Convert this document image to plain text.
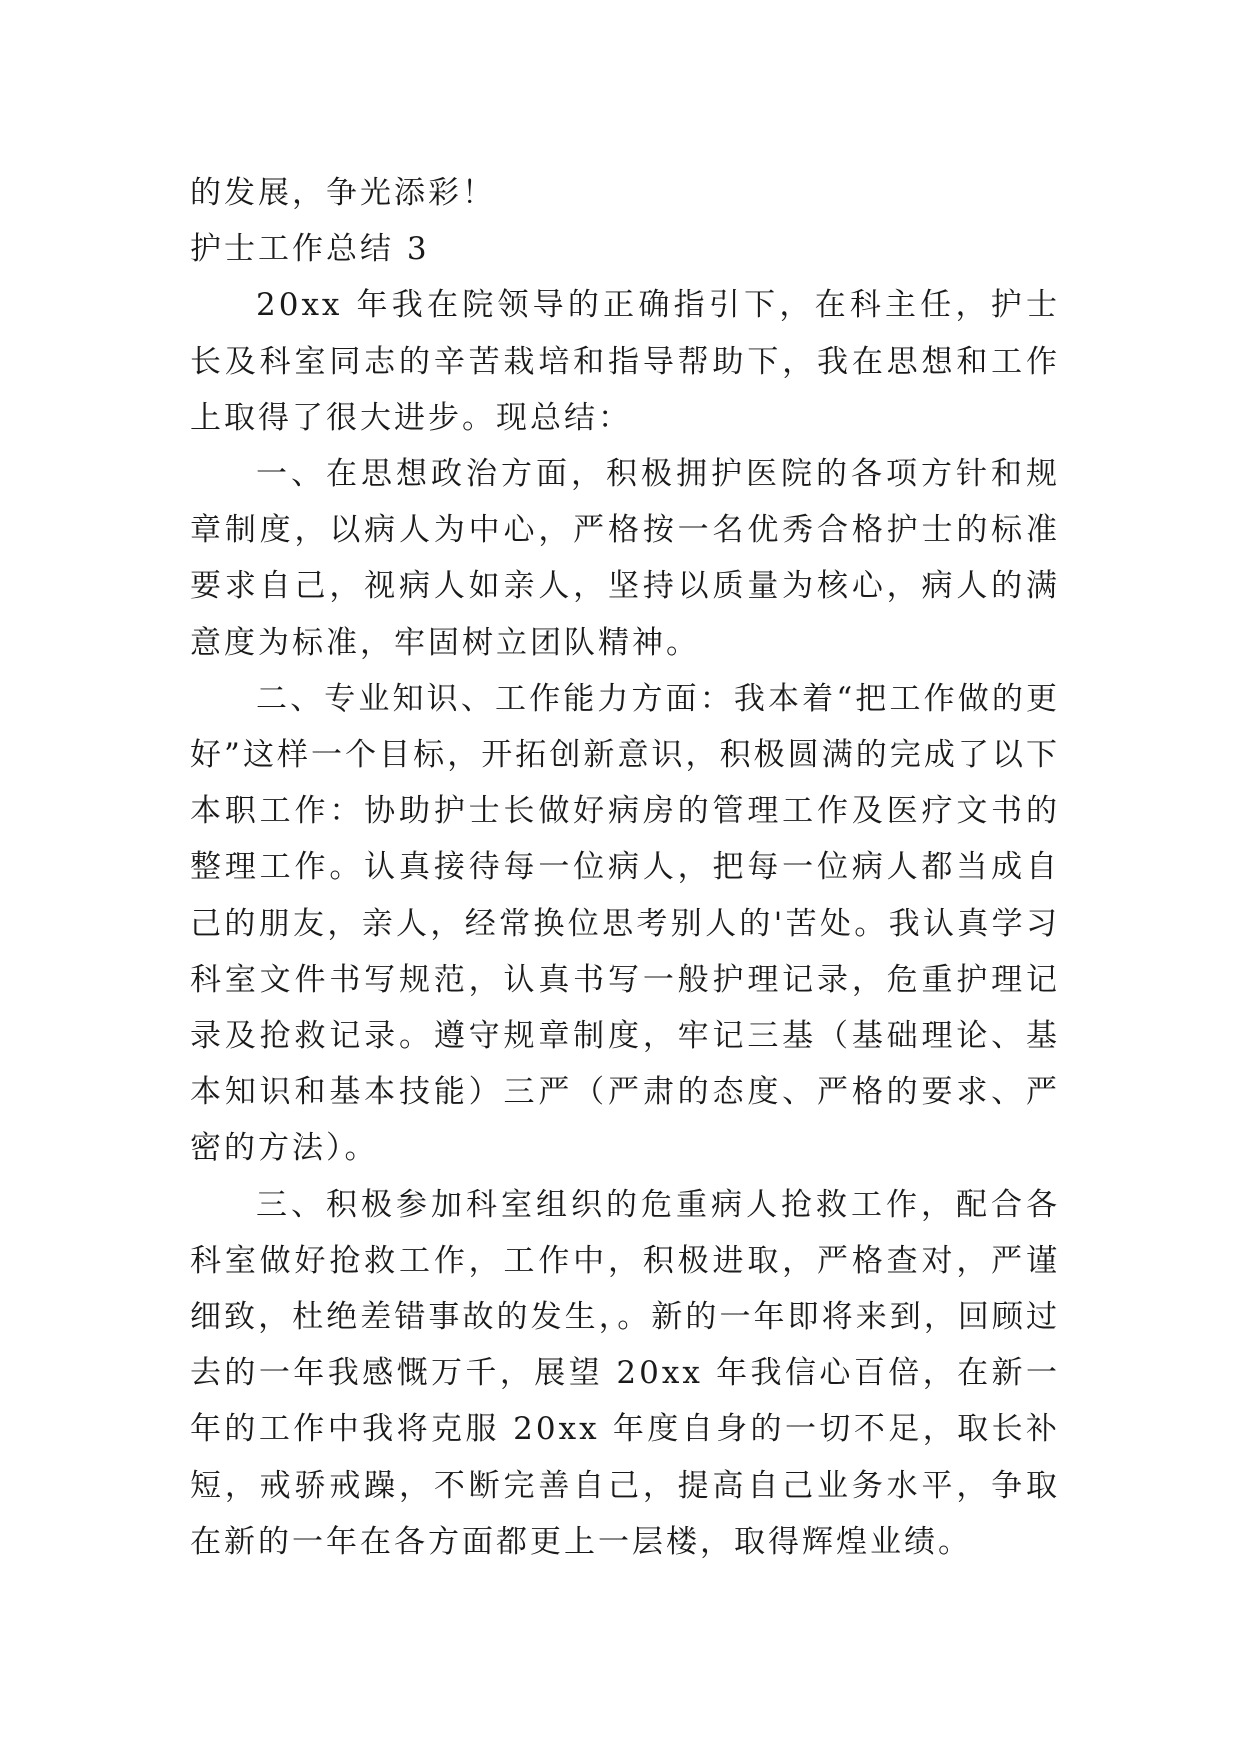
的发展，争光添彩！

护士工作总结 3

20xx 年我在院领导的正确指引下，在科主任，护士长及科室同志的辛苦栽培和指导帮助下，我在思想和工作上取得了很大进步。现总结：

一、在思想政治方面，积极拥护医院的各项方针和规章制度，以病人为中心，严格按一名优秀合格护士的标准要求自己，视病人如亲人，坚持以质量为核心，病人的满意度为标准，牢固树立团队精神。

二、专业知识、工作能力方面：我本着“把工作做的更好”这样一个目标，开拓创新意识，积极圆满的完成了以下本职工作：协助护士长做好病房的管理工作及医疗文书的整理工作。认真接待每一位病人，把每一位病人都当成自己的朋友，亲人，经常换位思考别人的'苦处。我认真学习科室文件书写规范，认真书写一般护理记录，危重护理记录及抢救记录。遵守规章制度，牢记三基（基础理论、基本知识和基本技能）三严（严肃的态度、严格的要求、严密的方法）。

三、积极参加科室组织的危重病人抢救工作，配合各科室做好抢救工作，工作中，积极进取，严格查对，严谨细致，杜绝差错事故的发生，。新的一年即将来到，回顾过去的一年我感慨万千，展望 20xx 年我信心百倍，在新一年的工作中我将克服 20xx 年度自身的一切不足，取长补短，戒骄戒躁，不断完善自己，提高自己业务水平，争取在新的一年在各方面都更上一层楼，取得辉煌业绩。
